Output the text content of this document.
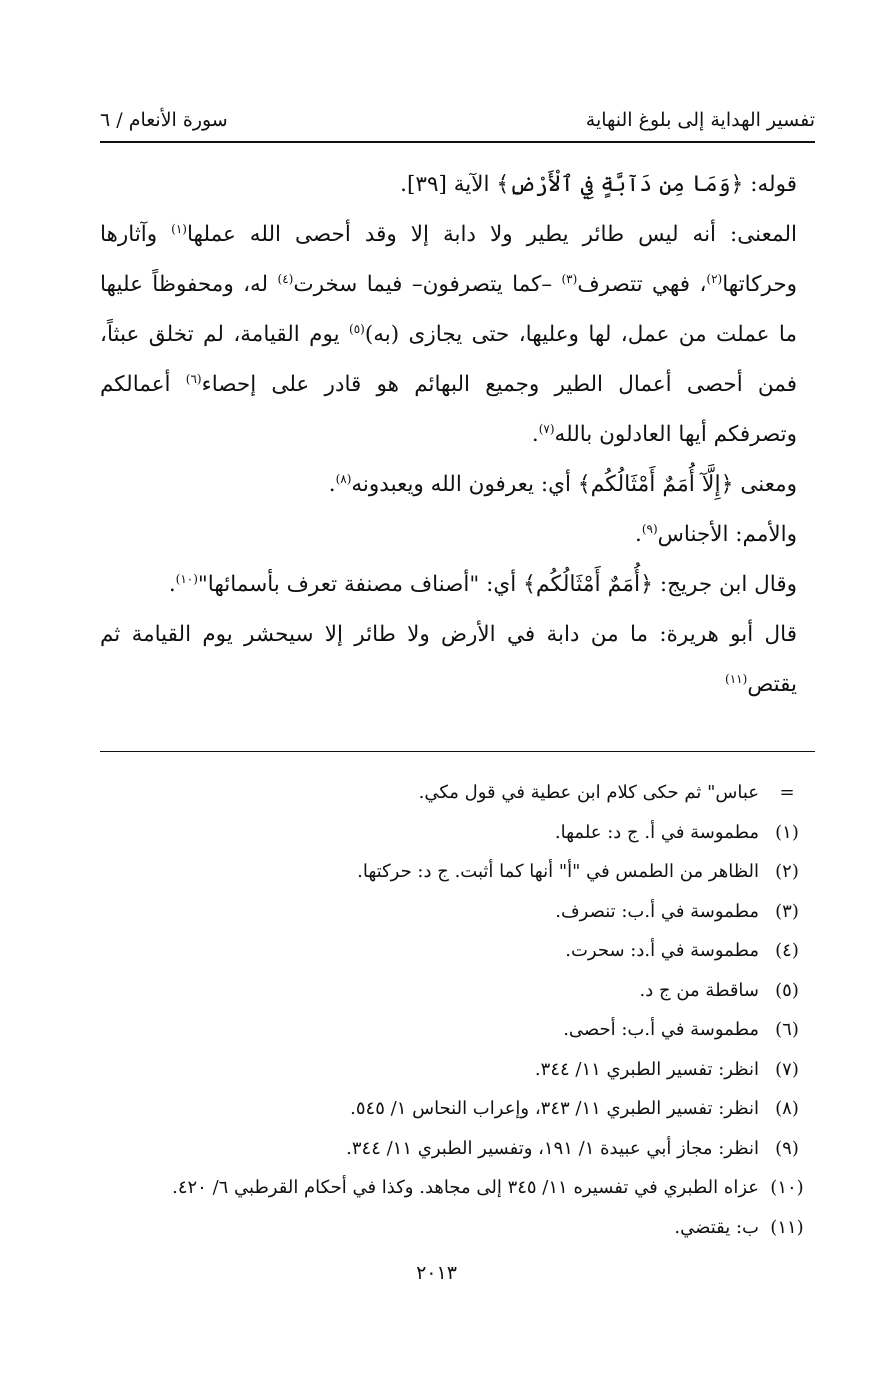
تفسير الهداية إلى بلوغ النهاية
سورة الأنعام / ٦

قوله: ﴿وَمَا مِن دَآبَّةٍ فِي ٱلْأَرْضِ﴾ الآية [٣٩].

المعنى: أنه ليس طائر يطير ولا دابة إلا وقد أحصى الله عملها$^{(١)}$ وآثارها وحركاتها$^{(٢)}$، فهي تتصرف$^{(٣)}$ –كما يتصرفون– فيما سخرت$^{(٤)}$ له، ومحفوظاً عليها ما عملت من عمل، لها وعليها، حتى يجازى (به)$^{(٥)}$ يوم القيامة، لم تخلق عبثاً، فمن أحصى أعمال الطير وجميع البهائم هو قادر على إحصاء$^{(٦)}$ أعمالكم وتصرفكم أيها العادلون بالله$^{(٧)}$.

ومعنى ﴿إِلَّآ أُمَمٌ أَمْثَالُكُم﴾ أي: يعرفون الله ويعبدونه$^{(٨)}$.

والأمم: الأجناس$^{(٩)}$.

وقال ابن جريج: ﴿أُمَمٌ أَمْثَالُكُم﴾ أي: "أصناف مصنفة تعرف بأسمائها"$^{(١٠)}$.

قال أبو هريرة: ما من دابة في الأرض ولا طائر إلا سيحشر يوم القيامة ثم يقتص$^{(١١)}$

=
عباس" ثم حكى كلام ابن عطية في قول مكي.
(١)
مطموسة في أ. ج د: علمها.
(٢)
الظاهر من الطمس في "أ" أنها كما أثبت. ج د: حركتها.
(٣)
مطموسة في أ.ب: تنصرف.
(٤)
مطموسة في أ.د: سحرت.
(٥)
ساقطة من ج د.
(٦)
مطموسة في أ.ب: أحصى.
(٧)
انظر: تفسير الطبري ١١/ ٣٤٤.
(٨)
انظر: تفسير الطبري ١١/ ٣٤٣، وإعراب النحاس ١/ ٥٤٥.
(٩)
انظر: مجاز أبي عبيدة ١/ ١٩١، وتفسير الطبري ١١/ ٣٤٤.
(١٠)
عزاه الطبري في تفسيره ١١/ ٣٤٥ إلى مجاهد. وكذا في أحكام القرطبي ٦/ ٤٢٠.
(١١)
ب: يقتضي.
٢٠١٣
